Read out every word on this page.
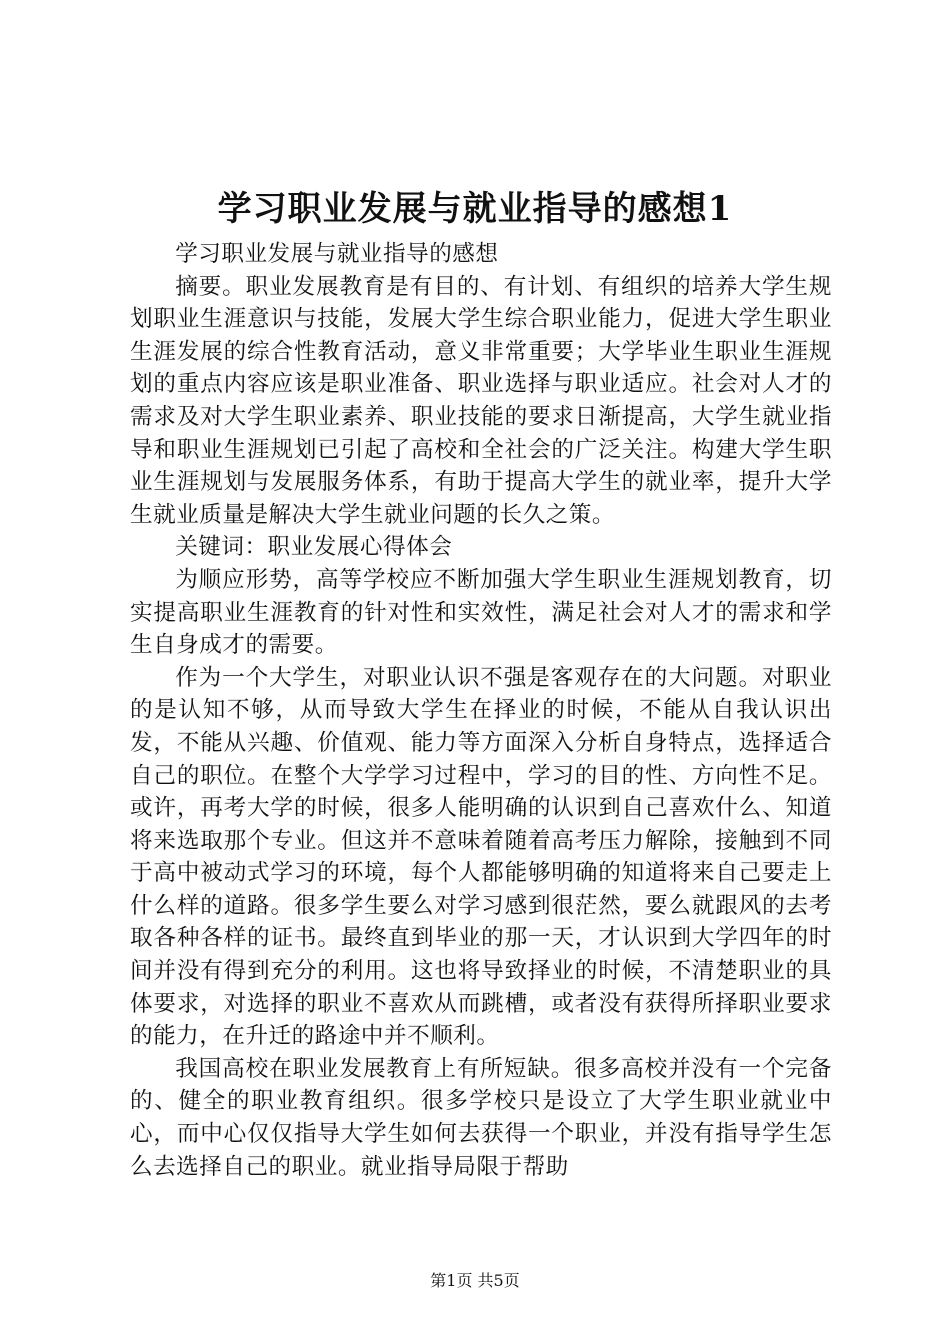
学习职业发展与就业指导的感想1

学习职业发展与就业指导的感想

摘要。职业发展教育是有目的、有计划、有组织的培养大学生规划职业生涯意识与技能，发展大学生综合职业能力，促进大学生职业生涯发展的综合性教育活动，意义非常重要；大学毕业生职业生涯规划的重点内容应该是职业准备、职业选择与职业适应。社会对人才的需求及对大学生职业素养、职业技能的要求日渐提高，大学生就业指导和职业生涯规划已引起了高校和全社会的广泛关注。构建大学生职业生涯规划与发展服务体系，有助于提高大学生的就业率，提升大学生就业质量是解决大学生就业问题的长久之策。

关键词：职业发展心得体会

为顺应形势，高等学校应不断加强大学生职业生涯规划教育，切实提高职业生涯教育的针对性和实效性，满足社会对人才的需求和学生自身成才的需要。

作为一个大学生，对职业认识不强是客观存在的大问题。对职业的是认知不够，从而导致大学生在择业的时候，不能从自我认识出发，不能从兴趣、价值观、能力等方面深入分析自身特点，选择适合自己的职位。在整个大学学习过程中，学习的目的性、方向性不足。或许，再考大学的时候，很多人能明确的认识到自己喜欢什么、知道将来选取那个专业。但这并不意味着随着高考压力解除，接触到不同于高中被动式学习的环境，每个人都能够明确的知道将来自己要走上什么样的道路。很多学生要么对学习感到很茫然，要么就跟风的去考取各种各样的证书。最终直到毕业的那一天，才认识到大学四年的时间并没有得到充分的利用。这也将导致择业的时候，不清楚职业的具体要求，对选择的职业不喜欢从而跳槽，或者没有获得所择职业要求的能力，在升迁的路途中并不顺利。

我国高校在职业发展教育上有所短缺。很多高校并没有一个完备的、健全的职业教育组织。很多学校只是设立了大学生职业就业中心，而中心仅仅指导大学生如何去获得一个职业，并没有指导学生怎么去选择自己的职业。就业指导局限于帮助

第1页 共5页
